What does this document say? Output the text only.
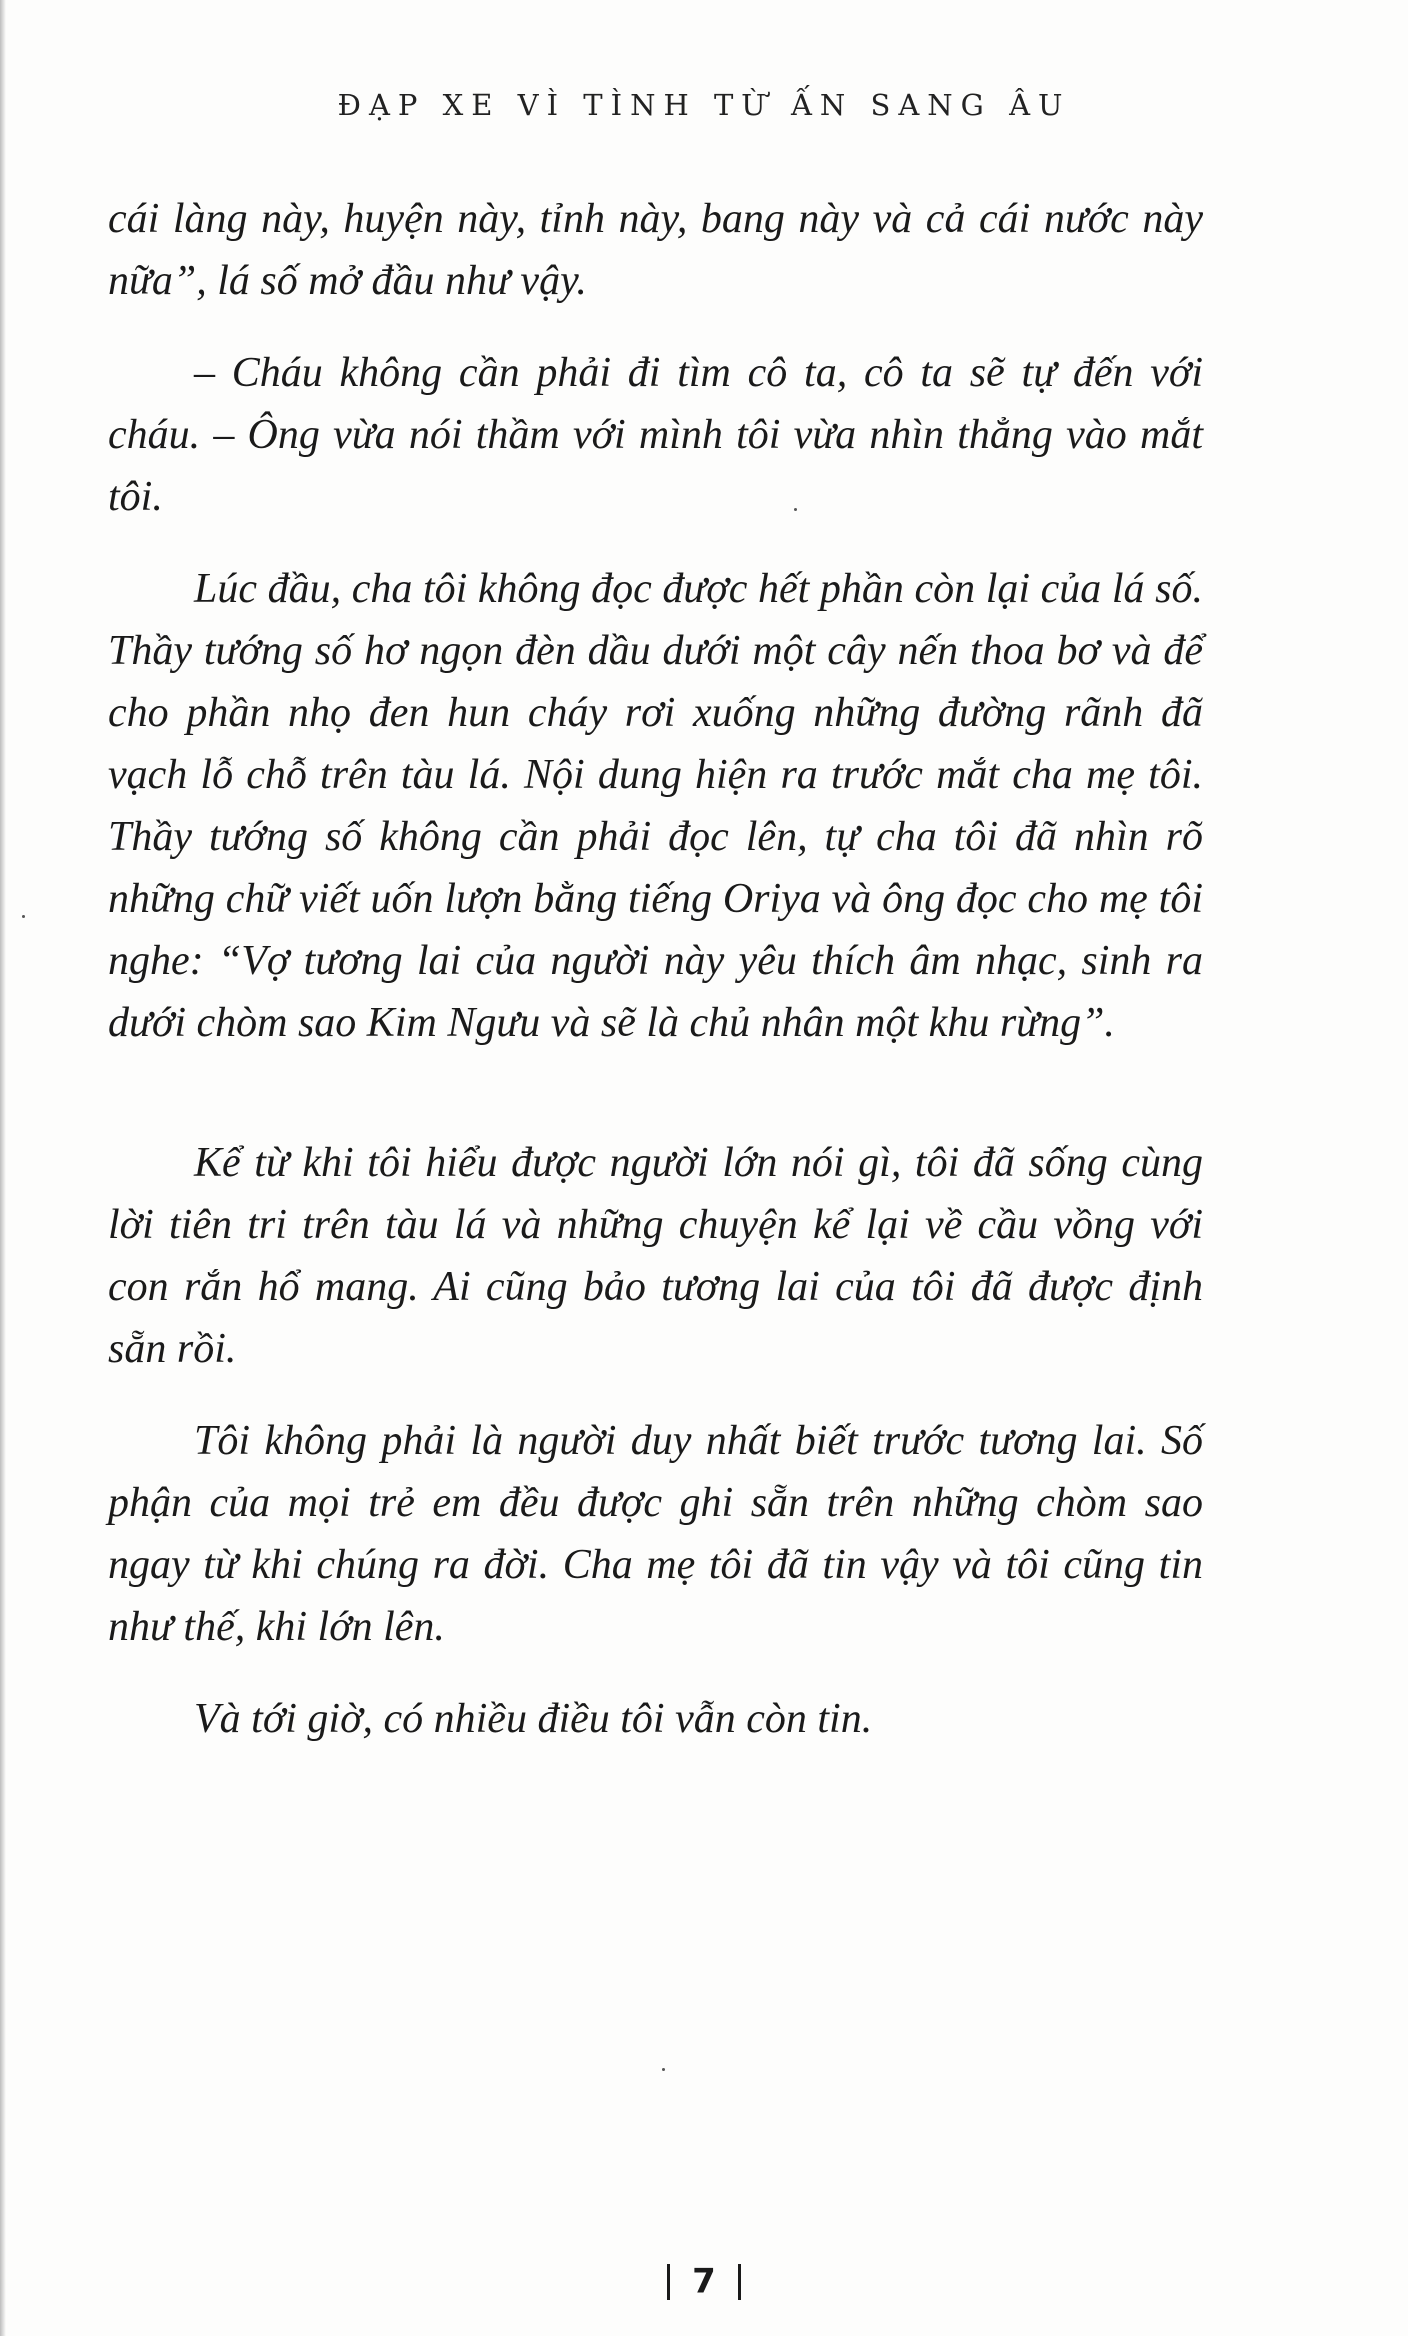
ĐẠP XE VÌ TÌNH TỪ ẤN SANG ÂU

cái làng này, huyện này, tỉnh này, bang này và cả cái nước này nữa”, lá số mở đầu như vậy.

– Cháu không cần phải đi tìm cô ta, cô ta sẽ tự đến với cháu. – Ông vừa nói thầm với mình tôi vừa nhìn thẳng vào mắt tôi.

Lúc đầu, cha tôi không đọc được hết phần còn lại của lá số. Thầy tướng số hơ ngọn đèn dầu dưới một cây nến thoa bơ và để cho phần nhọ đen hun cháy rơi xuống những đường rãnh đã vạch lỗ chỗ trên tàu lá. Nội dung hiện ra trước mắt cha mẹ tôi. Thầy tướng số không cần phải đọc lên, tự cha tôi đã nhìn rõ những chữ viết uốn lượn bằng tiếng Oriya và ông đọc cho mẹ tôi nghe: “Vợ tương lai của người này yêu thích âm nhạc, sinh ra dưới chòm sao Kim Ngưu và sẽ là chủ nhân một khu rừng”.

Kể từ khi tôi hiểu được người lớn nói gì, tôi đã sống cùng lời tiên tri trên tàu lá và những chuyện kể lại về cầu vồng với con rắn hổ mang. Ai cũng bảo tương lai của tôi đã được định sẵn rồi.

Tôi không phải là người duy nhất biết trước tương lai. Số phận của mọi trẻ em đều được ghi sẵn trên những chòm sao ngay từ khi chúng ra đời. Cha mẹ tôi đã tin vậy và tôi cũng tin như thế, khi lớn lên.

Và tới giờ, có nhiều điều tôi vẫn còn tin.

7
